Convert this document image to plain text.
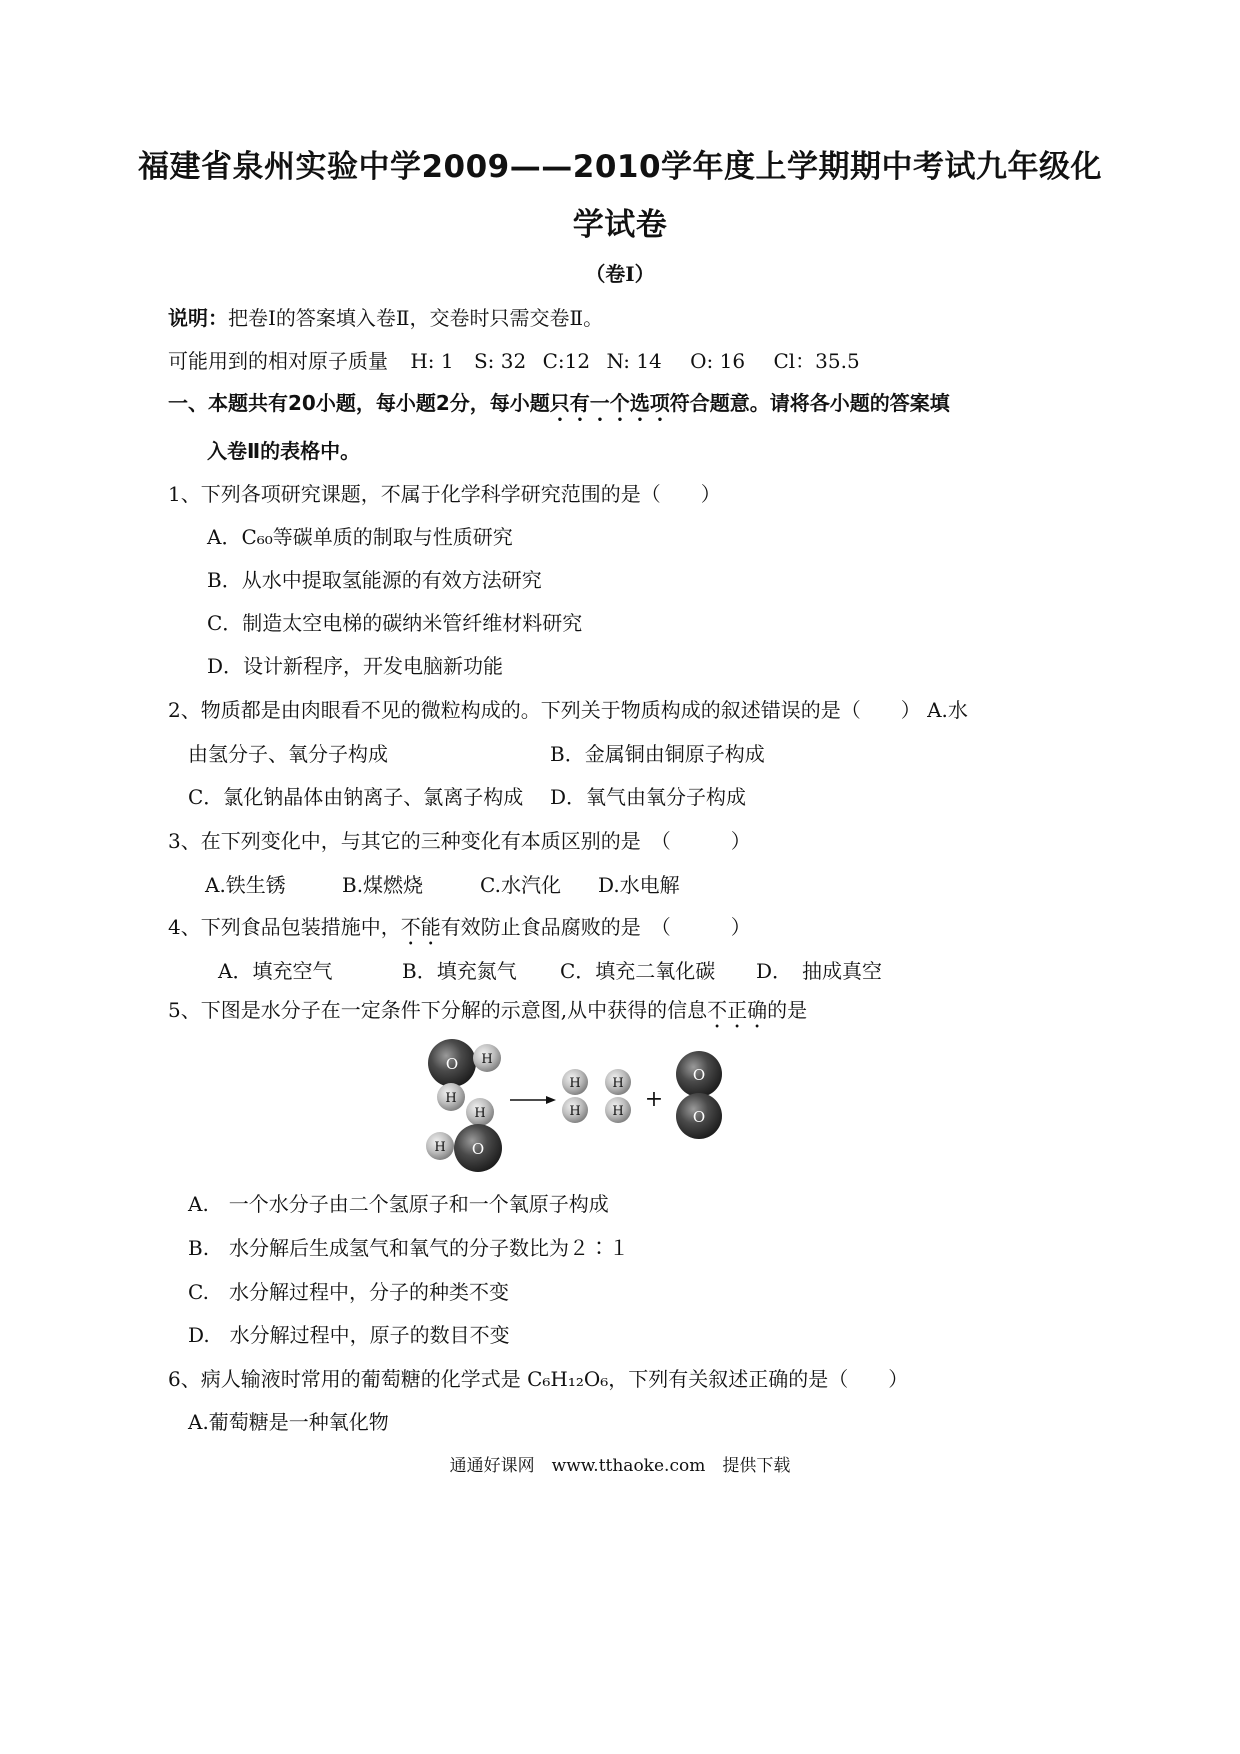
福建省泉州实验中学2009——2010学年度上学期期中考试九年级化
学试卷
（卷Ⅰ）
说明：把卷Ⅰ的答案填入卷Ⅱ，交卷时只需交卷Ⅱ。
可能用到的相对原子质量 H: 1 S: 32 C:12 N: 14 O: 16 Cl：35.5
一、本题共有20小题，每小题2分，每小题只有一个选项符合题意。请将各小题的答案填
入卷Ⅱ的表格中。
1、下列各项研究课题，不属于化学科学研究范围的是（　　）
A．C₆₀等碳单质的制取与性质研究
B．从水中提取氢能源的有效方法研究
C．制造太空电梯的碳纳米管纤维材料研究
D．设计新程序，开发电脑新功能
2、物质都是由肉眼看不见的微粒构成的。下列关于物质构成的叙述错误的是（　　） A.水
由氢分子、氧分子构成	B．金属铜由铜原子构成
C．氯化钠晶体由钠离子、氯离子构成 D．氧气由氧分子构成
3、在下列变化中，与其它的三种变化有本质区别的是　（　　　）
A.铁生锈	B.煤燃烧	C.水汽化 D.水电解
4、下列食品包装措施中，不能有效防止食品腐败的是　（　　　）
A．填充空气	B．填充氮气 C．填充二氧化碳 D．　抽成真空
5、下图是水分子在一定条件下分解的示意图,从中获得的信息不正确的是
O H
H
H
H O
H
H
H
H +
O
O
A.　一个水分子由二个氢原子和一个氧原子构成
B.　水分解后生成氢气和氧气的分子数比为２∶１
C.　水分解过程中，分子的种类不变
D.　水分解过程中，原子的数目不变
6、病人输液时常用的葡萄糖的化学式是 C₆H₁₂O₆，下列有关叙述正确的是（　　）
A.葡萄糖是一种氧化物
通通好课网　www.tthaoke.com　提供下载
